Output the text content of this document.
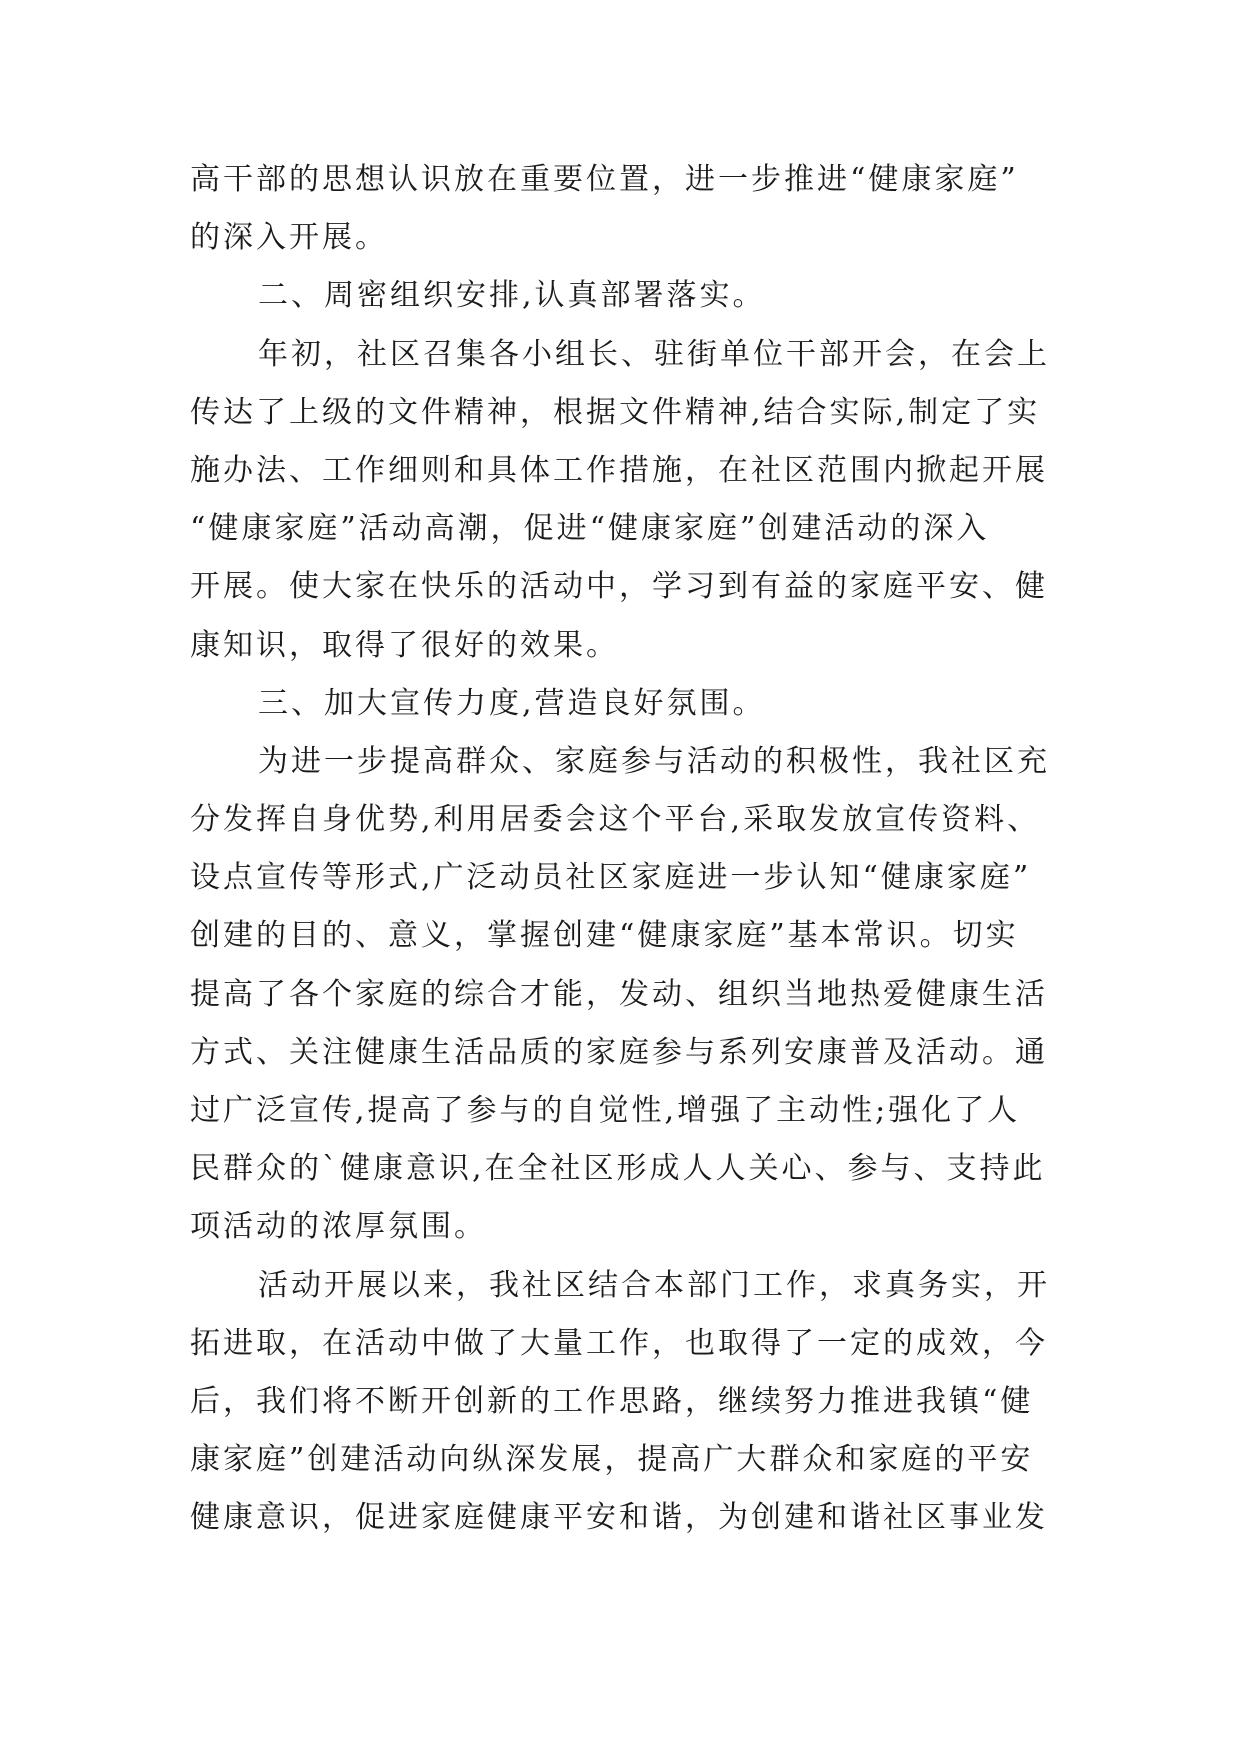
高干部的思想认识放在重要位置，进一步推进“健康家庭”
的深入开展。
二、周密组织安排,认真部署落实。
年初，社区召集各小组长、驻街单位干部开会，在会上
传达了上级的文件精神，根据文件精神,结合实际,制定了实
施办法、工作细则和具体工作措施，在社区范围内掀起开展
“健康家庭”活动高潮，促进“健康家庭”创建活动的深入
开展。使大家在快乐的活动中，学习到有益的家庭平安、健
康知识，取得了很好的效果。
三、加大宣传力度,营造良好氛围。
为进一步提高群众、家庭参与活动的积极性，我社区充
分发挥自身优势,利用居委会这个平台,采取发放宣传资料、
设点宣传等形式,广泛动员社区家庭进一步认知“健康家庭”
创建的目的、意义，掌握创建“健康家庭”基本常识。切实
提高了各个家庭的综合才能，发动、组织当地热爱健康生活
方式、关注健康生活品质的家庭参与系列安康普及活动。通
过广泛宣传,提高了参与的自觉性,增强了主动性;强化了人
民群众的`健康意识,在全社区形成人人关心、参与、支持此
项活动的浓厚氛围。
活动开展以来，我社区结合本部门工作，求真务实，开
拓进取，在活动中做了大量工作，也取得了一定的成效，今
后，我们将不断开创新的工作思路，继续努力推进我镇“健
康家庭”创建活动向纵深发展，提高广大群众和家庭的平安
健康意识，促进家庭健康平安和谐，为创建和谐社区事业发
